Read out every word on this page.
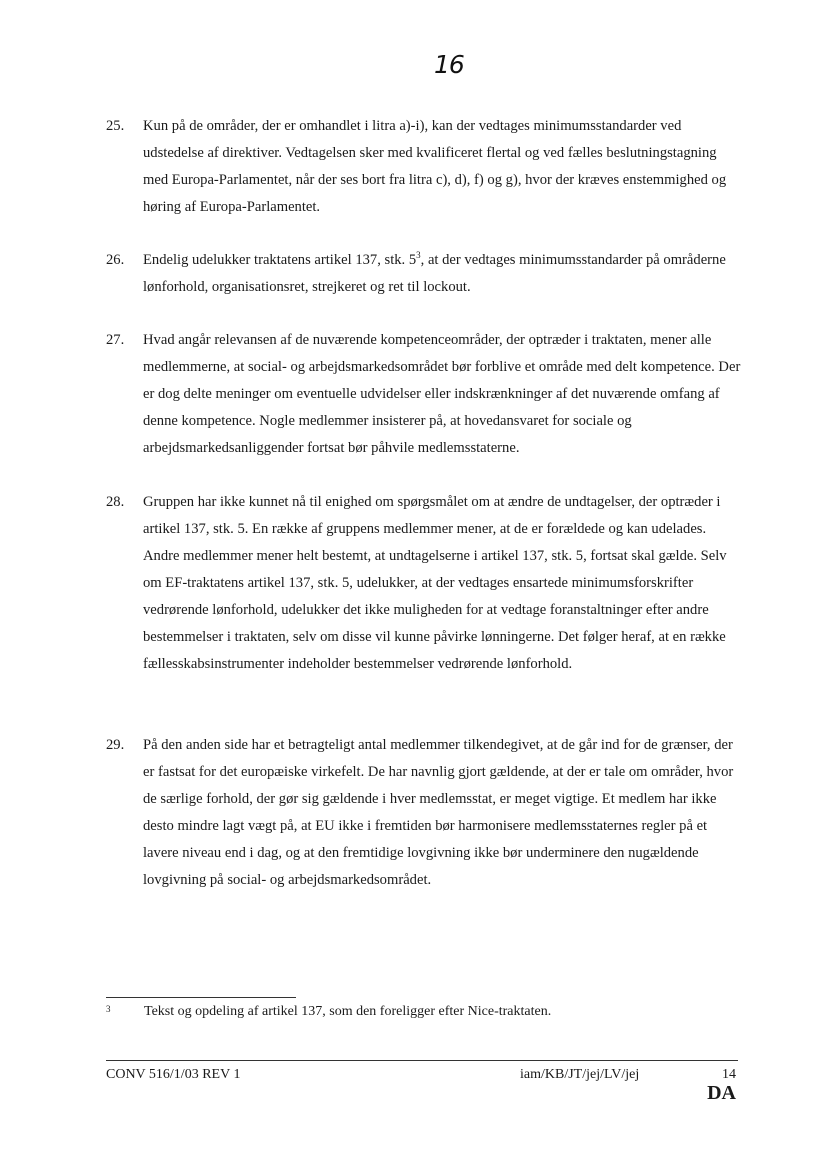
16
25.	Kun på de områder, der er omhandlet i litra a)-i), kan der vedtages minimumsstandarder ved udstedelse af direktiver. Vedtagelsen sker med kvalificeret flertal og ved fælles beslutningstagning med Europa-Parlamentet, når der ses bort fra litra c), d), f) og g), hvor der kræves enstemmighed og høring af Europa-Parlamentet.
26.	Endelig udelukker traktatens artikel 137, stk. $5^3$, at der vedtages minimumsstandarder på områderne lønforhold, organisationsret, strejkeret og ret til lockout.
27.	Hvad angår relevansen af de nuværende kompetenceområder, der optræder i traktaten, mener alle medlemmerne, at social- og arbejdsmarkedsområdet bør forblive et område med delt kompetence. Der er dog delte meninger om eventuelle udvidelser eller indskrænkninger af det nuværende omfang af denne kompetence. Nogle medlemmer insisterer på, at hovedansvaret for sociale og arbejdsmarkedsanliggender fortsat bør påhvile medlemsstaterne.
28.	Gruppen har ikke kunnet nå til enighed om spørgsmålet om at ændre de undtagelser, der optræder i artikel 137, stk. 5. En række af gruppens medlemmer mener, at de er forældede og kan udelades. Andre medlemmer mener helt bestemt, at undtagelserne i artikel 137, stk. 5, fortsat skal gælde. Selv om EF-traktatens artikel 137, stk. 5, udelukker, at der vedtages ensartede minimumsforskrifter vedrørende lønforhold, udelukker det ikke muligheden for at vedtage foranstaltninger efter andre bestemmelser i traktaten, selv om disse vil kunne påvirke lønningerne. Det følger heraf, at en række fællesskabsinstrumenter indeholder bestemmelser vedrørende lønforhold.
29.	På den anden side har et betragteligt antal medlemmer tilkendegivet, at de går ind for de grænser, der er fastsat for det europæiske virkefelt. De har navnlig gjort gældende, at der er tale om områder, hvor de særlige forhold, der gør sig gældende i hver medlemsstat, er meget vigtige. Et medlem har ikke desto mindre lagt vægt på, at EU ikke i fremtiden bør harmonisere medlemsstaternes regler på et lavere niveau end i dag, og at den fremtidige lovgivning ikke bør underminere den nugældende lovgivning på social- og arbejdsmarkedsområdet.
3 Tekst og opdeling af artikel 137, som den foreligger efter Nice-traktaten.
CONV 516/1/03 REV 1	iam/KB/JT/jej/LV/jej	14
DA
